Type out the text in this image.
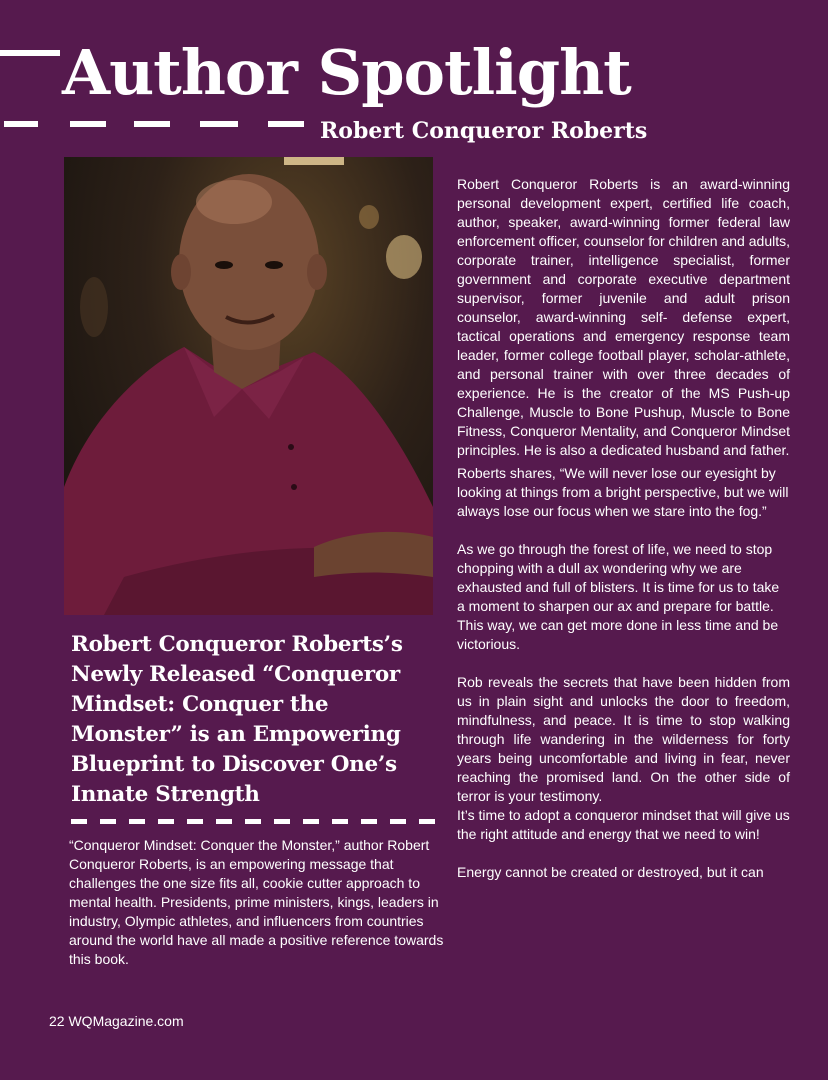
Author Spotlight
Robert Conqueror Roberts
Robert Conqueror Roberts’s Newly Released “Conqueror Mindset: Conquer the Monster” is an Empowering Blueprint to Discover One’s Innate Strength

“Conqueror Mindset: Conquer the Monster,” author Robert Conqueror Roberts, is an empowering message that challenges the one size fits all, cookie cutter approach to mental health. Presidents, prime ministers, kings, leaders in industry, Olympic athletes, and influencers from countries around the world have all made a positive reference towards this book.

Robert Conqueror Roberts is an award-winning personal development expert, certified life coach, author, speaker, award-winning former federal law enforcement officer, counselor for children and adults, corporate trainer, intelligence specialist, former government and corporate executive department supervisor, former juvenile and adult prison counselor, award-winning self- defense expert, tactical operations and emergency response team leader, former college football player, scholar-athlete, and personal trainer with over three decades of experience. He is the creator of the MS Push-up Challenge, Muscle to Bone Pushup, Muscle to Bone Fitness, Conqueror Mentality, and Conqueror Mindset principles. He is also a dedicated husband and father.

Roberts shares, “We will never lose our eyesight by looking at things from a bright perspective, but we will always lose our focus when we stare into the fog.”

As we go through the forest of life, we need to stop chopping with a dull ax wondering why we are exhausted and full of blisters. It is time for us to take a moment to sharpen our ax and prepare for battle. This way, we can get more done in less time and be victorious.

Rob reveals the secrets that have been hidden from us in plain sight and unlocks the door to freedom, mindfulness, and peace. It is time to stop walking through life wandering in the wilderness for forty years being uncomfortable and living in fear, never reaching the promised land. On the other side of terror is your testimony.

It’s time to adopt a conqueror mindset that will give us the right attitude and energy that we need to win!

Energy cannot be created or destroyed, but it can

22 WQMagazine.com
